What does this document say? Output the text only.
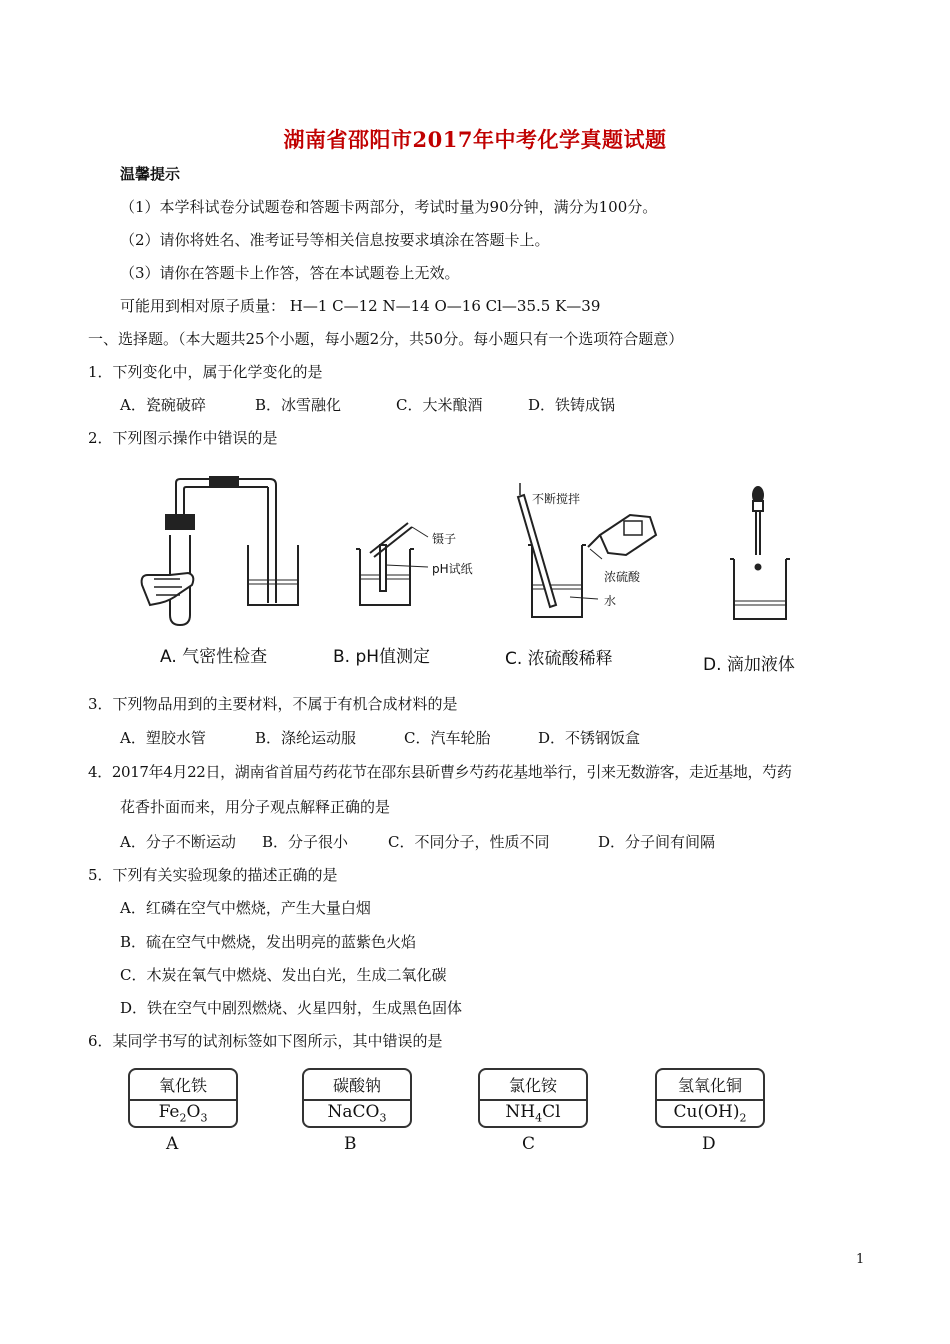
湖南省邵阳市2017年中考化学真题试题
温馨提示
（1）本学科试卷分试题卷和答题卡两部分，考试时量为90分钟，满分为100分。
（2）请你将姓名、准考证号等相关信息按要求填涂在答题卡上。
（3）请你在答题卡上作答，答在本试题卷上无效。
可能用到相对原子质量： H—1 C—12 N—14 O—16 Cl—35.5 K—39
一、选择题。（本大题共25个小题，每小题2分，共50分。每小题只有一个选项符合题意）
1．下列变化中，属于化学变化的是
A．瓷碗破碎	B．冰雪融化	C．大米酿酒	D．铁铸成锅
2．下列图示操作中错误的是
镊子
pH试纸
不断搅拌
浓硫酸
水
A. 气密性检查	B. pH值测定	C. 浓硫酸稀释	D. 滴加液体
3．下列物品用到的主要材料，不属于有机合成材料的是
A．塑胶水管	B．涤纶运动服	C．汽车轮胎	D．不锈钢饭盒
4．2017年4月22日，湖南省首届芍药花节在邵东县斫曹乡芍药花基地举行，引来无数游客，走近基地，芍药
花香扑面而来，用分子观点解释正确的是
A．分子不断运动 B．分子很小	C．不同分子，性质不同	D．分子间有间隔
5．下列有关实验现象的描述正确的是
A．红磷在空气中燃烧，产生大量白烟
B．硫在空气中燃烧，发出明亮的蓝紫色火焰
C．木炭在氧气中燃烧、发出白光，生成二氧化碳
D．铁在空气中剧烈燃烧、火星四射，生成黑色固体
6．某同学书写的试剂标签如下图所示，其中错误的是
氧化铁
$Fe_2O_3$
A
碳酸钠
NaCO$_3$
B
氯化铵
$NH_4Cl$
C
氢氧化铜
$Cu(OH)_2$
D
1
